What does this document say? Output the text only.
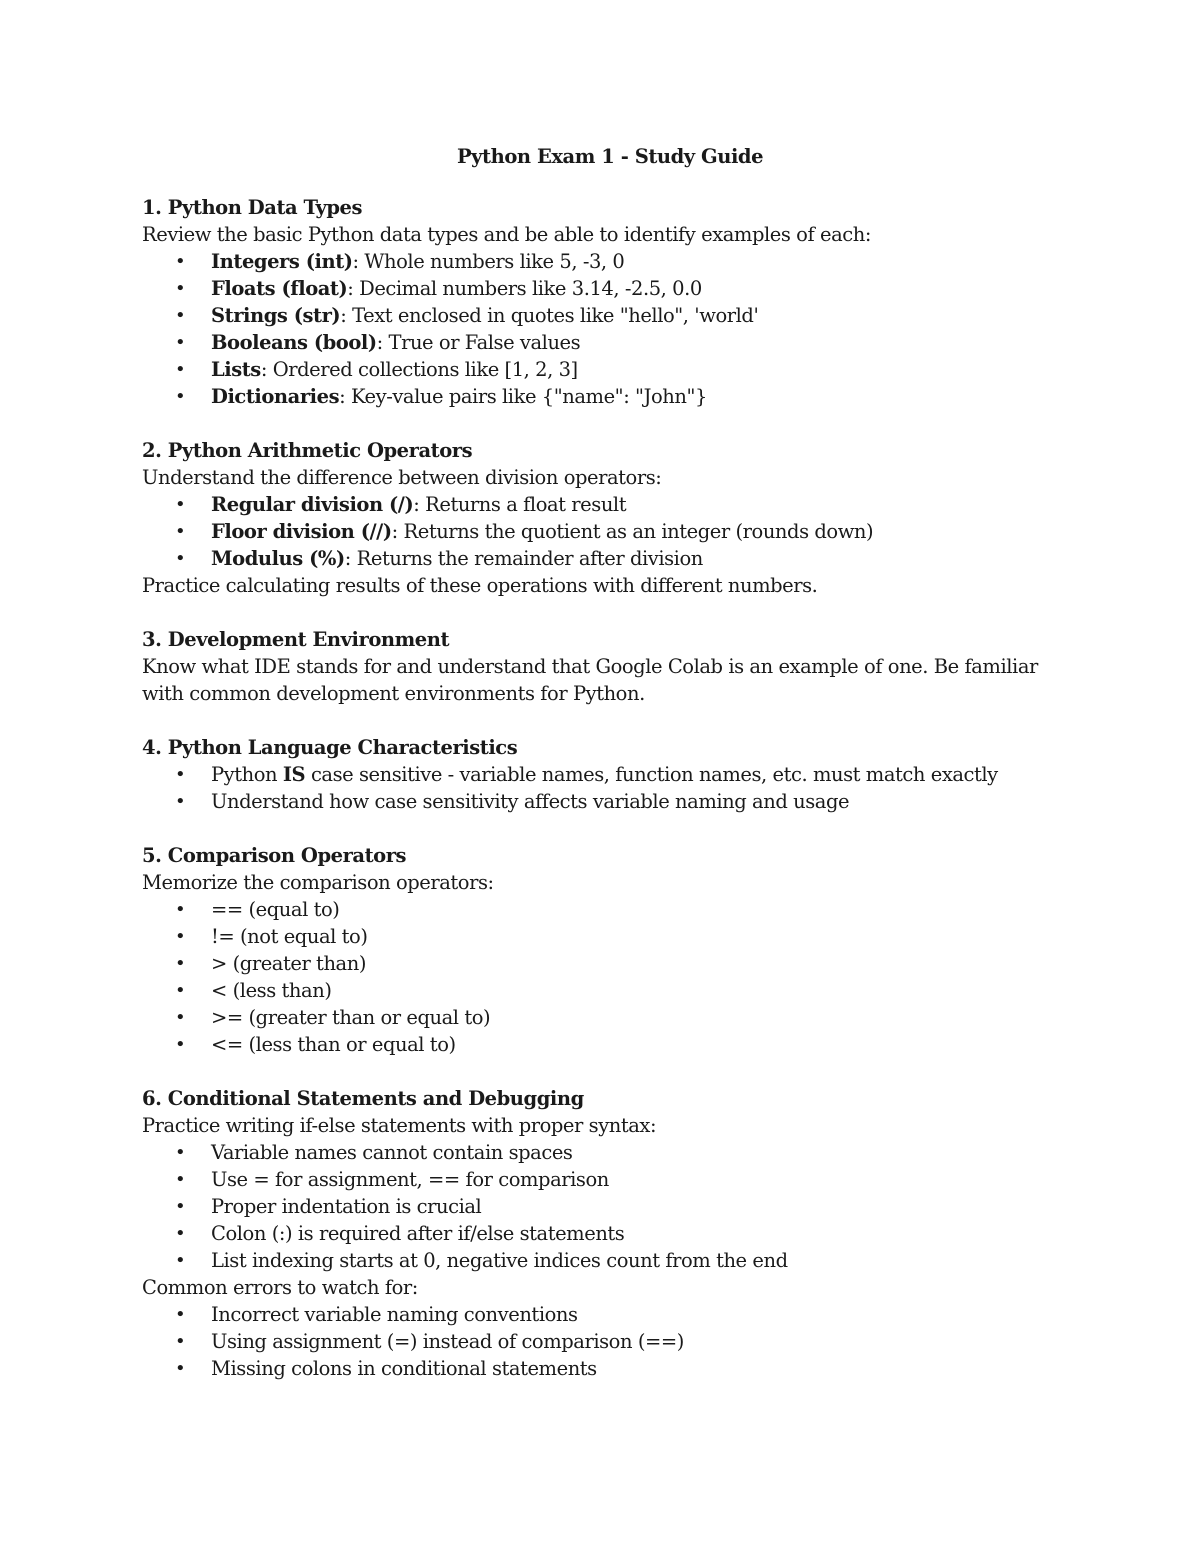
Python Exam 1 - Study Guide
1. Python Data Types
Review the basic Python data types and be able to identify examples of each:
• Integers (int): Whole numbers like 5, -3, 0
• Floats (float): Decimal numbers like 3.14, -2.5, 0.0
• Strings (str): Text enclosed in quotes like "hello", 'world'
• Booleans (bool): True or False values
• Lists: Ordered collections like [1, 2, 3]
• Dictionaries: Key-value pairs like {"name": "John"}
2. Python Arithmetic Operators
Understand the difference between division operators:
• Regular division (/): Returns a float result
• Floor division (//): Returns the quotient as an integer (rounds down)
• Modulus (%): Returns the remainder after division
Practice calculating results of these operations with different numbers.
3. Development Environment
Know what IDE stands for and understand that Google Colab is an example of one. Be familiar
with common development environments for Python.
4. Python Language Characteristics
• Python IS case sensitive - variable names, function names, etc. must match exactly
• Understand how case sensitivity affects variable naming and usage
5. Comparison Operators
Memorize the comparison operators:
• == (equal to)
• != (not equal to)
• > (greater than)
• < (less than)
• >= (greater than or equal to)
• <= (less than or equal to)
6. Conditional Statements and Debugging
Practice writing if-else statements with proper syntax:
• Variable names cannot contain spaces
• Use = for assignment, == for comparison
• Proper indentation is crucial
• Colon (:) is required after if/else statements
• List indexing starts at 0, negative indices count from the end
Common errors to watch for:
• Incorrect variable naming conventions
• Using assignment (=) instead of comparison (==)
• Missing colons in conditional statements
